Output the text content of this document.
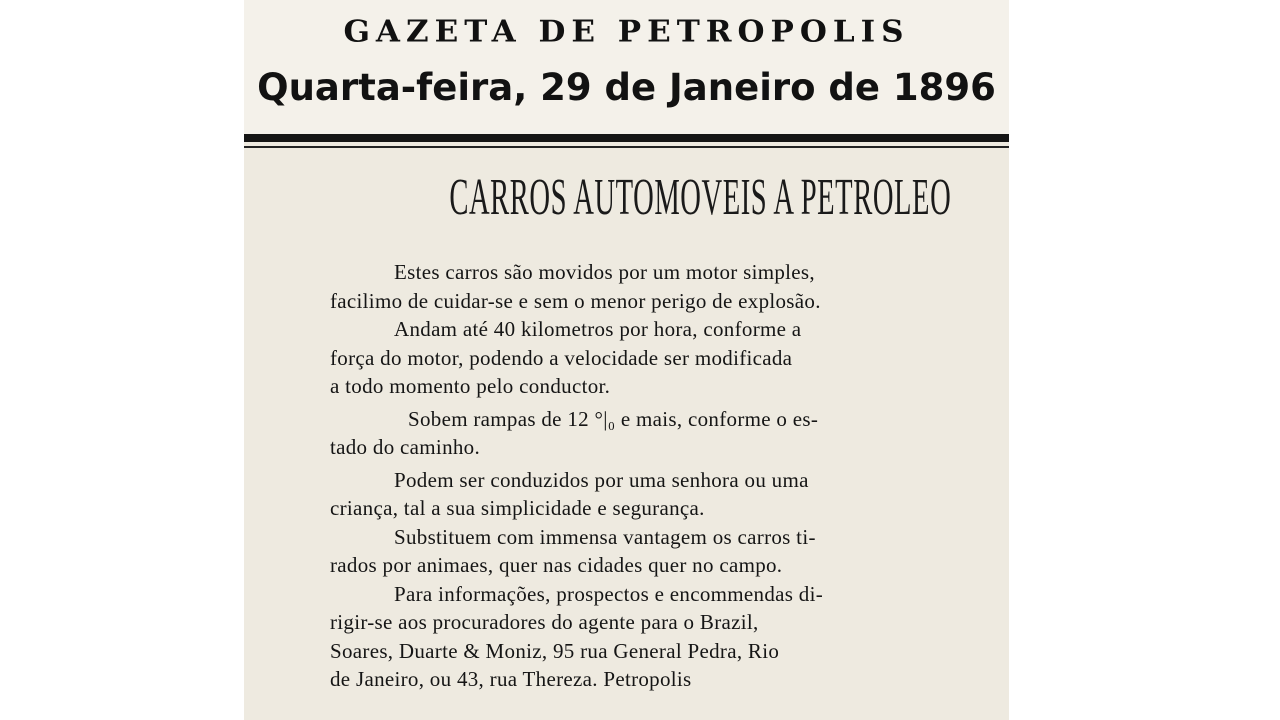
GAZETA DE PETROPOLIS
Quarta-feira, 29 de Janeiro de 1896
CARROS AUTOMOVEIS A PETROLEO
Estes carros são movidos por um motor simples,
facilimo de cuidar-se e sem o menor perigo de explosão.
Andam até 40 kilometros por hora, conforme a
força do motor, podendo a velocidade ser modificada
a todo momento pelo conductor.
Sobem rampas de 12 °|₀ e mais, conforme o es-
tado do caminho.
Podem ser conduzidos por uma senhora ou uma
criança, tal a sua simplicidade e segurança.
Substituem com immensa vantagem os carros ti-
rados por animaes, quer nas cidades quer no campo.
Para informações, prospectos e encommendas di-
rigir-se aos procuradores do agente para o Brazil,
Soares, Duarte & Moniz, 95 rua General Pedra, Rio
de Janeiro, ou 43, rua Thereza. Petropolis
